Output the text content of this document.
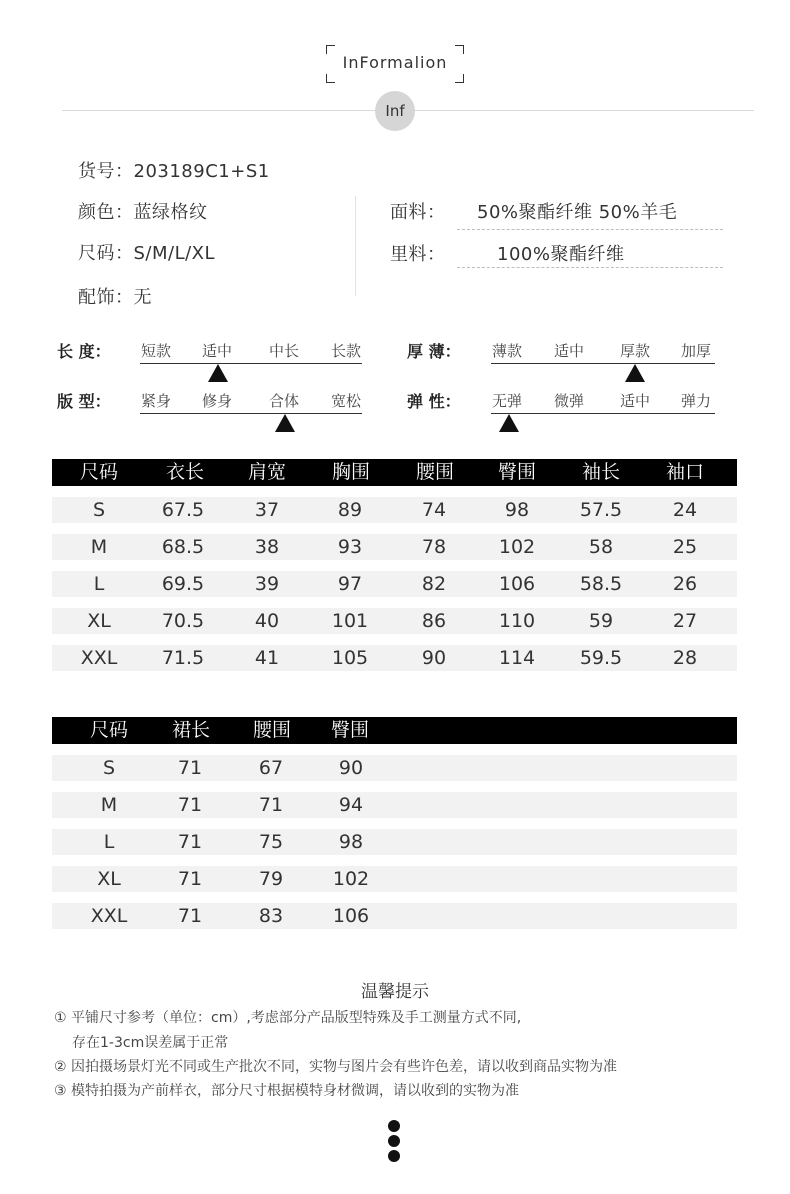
InFormalion
Inf
货号：203189C1+S1
颜色：蓝绿格纹
尺码：S/M/L/XL
配饰：无
面料： 50%聚酯纤维 50%羊毛
里料：	100%聚酯纤维
长 度： 短款 适中 中长 长款	厚 薄： 薄款 适中 厚款 加厚
版 型： 紧身 修身 合体 宽松	弹 性： 无弹 微弹 适中 弹力
尺码	衣长 肩宽 胸围 腰围 臀围 袖长 袖口
S	67.5	37	89	74	98	57.5	24
M	68.5	38	93	78	102	58	25
L	69.5	39	97	82	106 58.5	26
XL	70.5	40	101	86	110	59	27
XXL 71.5	41	105	90	114 59.5	28
尺码 裙长 腰围 臀围
S	71	67	90
M	71	71	94
L	71	75	98
XL	71	79	102
XXL	71	83	106
温馨提示
① 平铺尺寸参考（单位：cm）,考虑部分产品版型特殊及手工测量方式不同,
存在1-3cm误差属于正常
② 因拍摄场景灯光不同或生产批次不同，实物与图片会有些许色差，请以收到商品实物为准
③ 模特拍摄为产前样衣，部分尺寸根据模特身材微调，请以收到的实物为准
